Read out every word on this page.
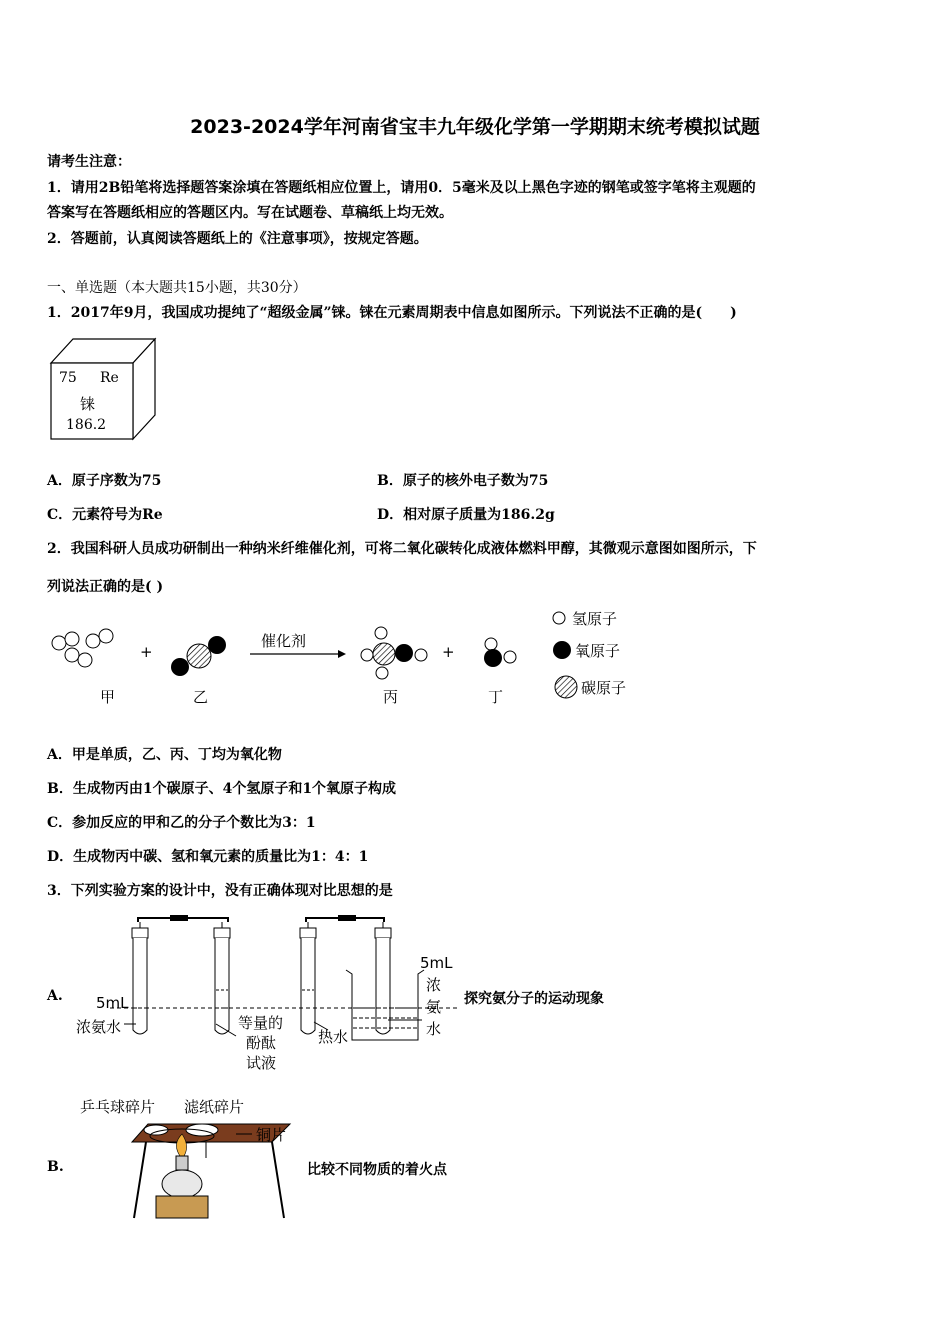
2023-2024学年河南省宝丰九年级化学第一学期期末统考模拟试题
请考生注意：
1．请用2B铅笔将选择题答案涂填在答题纸相应位置上，请用0．5毫米及以上黑色字迹的钢笔或签字笔将主观题的
答案写在答题纸相应的答题区内。写在试题卷、草稿纸上均无效。
2．答题前，认真阅读答题纸上的《注意事项》，按规定答题。
一、单选题（本大题共15小题，共30分）
1．2017年9月，我国成功提纯了“超级金属”铼。铼在元素周期表中信息如图所示。下列说法不正确的是(　　)
75 Re
铼
186.2
A．原子序数为75	B．原子的核外电子数为75
C．元素符号为Re	D．相对原子质量为186.2g
2．我国科研人员成功研制出一种纳米纤维催化剂，可将二氧化碳转化成液体燃料甲醇，其微观示意图如图所示，下
列说法正确的是( )
+	+
催化剂
甲	乙	丙	丁
氢原子
氧原子
碳原子
A．甲是单质，乙、丙、丁均为氧化物
B．生成物丙由1个碳原子、4个氢原子和1个氧原子构成
C．参加反应的甲和乙的分子个数比为3：1
D．生成物丙中碳、氢和氧元素的质量比为1：4：1
3．下列实验方案的设计中，没有正确体现对比思想的是
A. 5mL
浓氨水	等量的
酚酞
试液
热水
5mL
浓
氨
水
探究氨分子的运动现象
B.
乒乓球碎片 滤纸碎片
铜片
比较不同物质的着火点
